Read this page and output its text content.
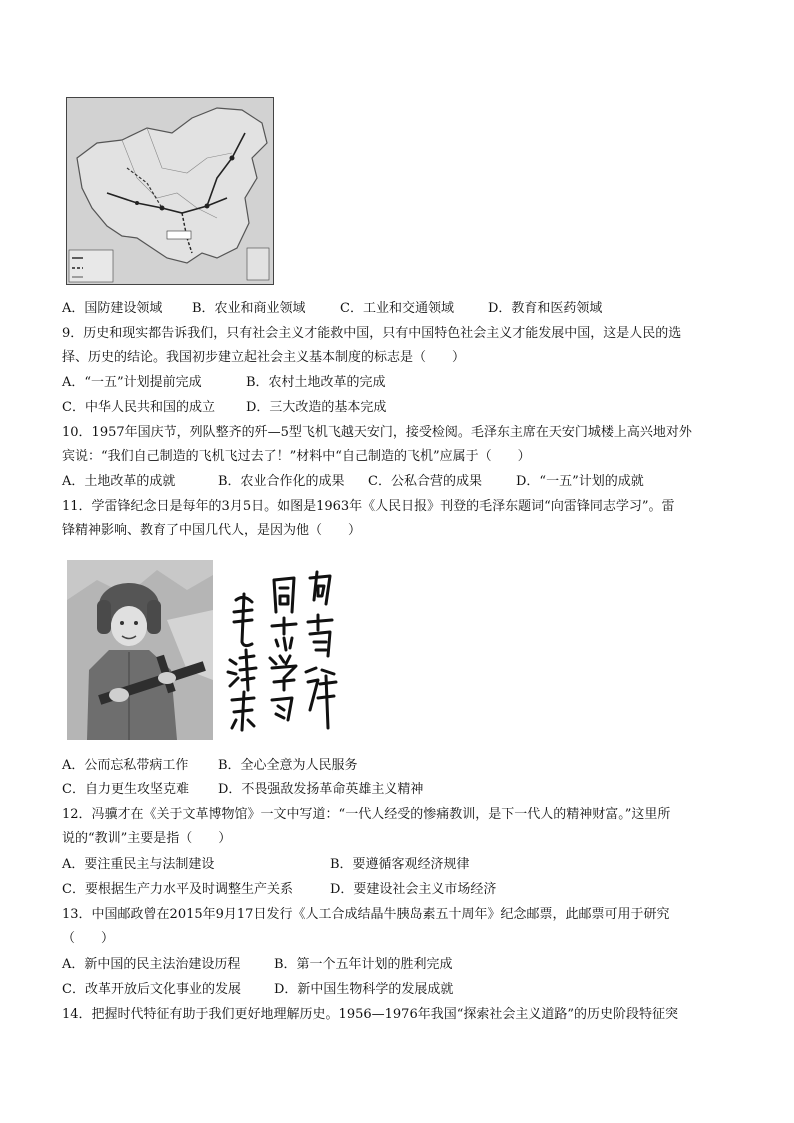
A．国防建设领域 B．农业和商业领域	C．工业和交通领域	D．教育和医药领域
9．历史和现实都告诉我们，只有社会主义才能救中国，只有中国特色社会主义才能发展中国，这是人民的选
择、历史的结论。我国初步建立起社会主义基本制度的标志是（　　）
A．“一五”计划提前完成	B．农村土地改革的完成
C．中华人民共和国的成立 D．三大改造的基本完成
10．1957年国庆节，列队整齐的歼—5型飞机飞越天安门，接受检阅。毛泽东主席在天安门城楼上高兴地对外
宾说：“我们自己制造的飞机飞过去了！”材料中“自己制造的飞机”应属于（　　）
A．土地改革的成就	B．农业合作化的成果 C．公私合营的成果	D．“一五”计划的成就
11．学雷锋纪念日是每年的3月5日。如图是1963年《人民日报》刊登的毛泽东题词“向雷锋同志学习”。雷
锋精神影响、教育了中国几代人，是因为他（　　）
A．公而忘私带病工作 B．全心全意为人民服务
C．自力更生攻坚克难 D．不畏强敌发扬革命英雄主义精神
12．冯骥才在《关于文革博物馆》一文中写道：“一代人经受的惨痛教训，是下一代人的精神财富。”这里所
说的“教训”主要是指（　　）
A．要注重民主与法制建设	B．要遵循客观经济规律
C．要根据生产力水平及时调整生产关系	D．要建设社会主义市场经济
13．中国邮政曾在2015年9月17日发行《人工合成结晶牛胰岛素五十周年》纪念邮票，此邮票可用于研究
（　　）
A．新中国的民主法治建设历程	B．第一个五年计划的胜利完成
C．改革开放后文化事业的发展	D．新中国生物科学的发展成就
14．把握时代特征有助于我们更好地理解历史。1956—1976年我国“探索社会主义道路”的历史阶段特征突
